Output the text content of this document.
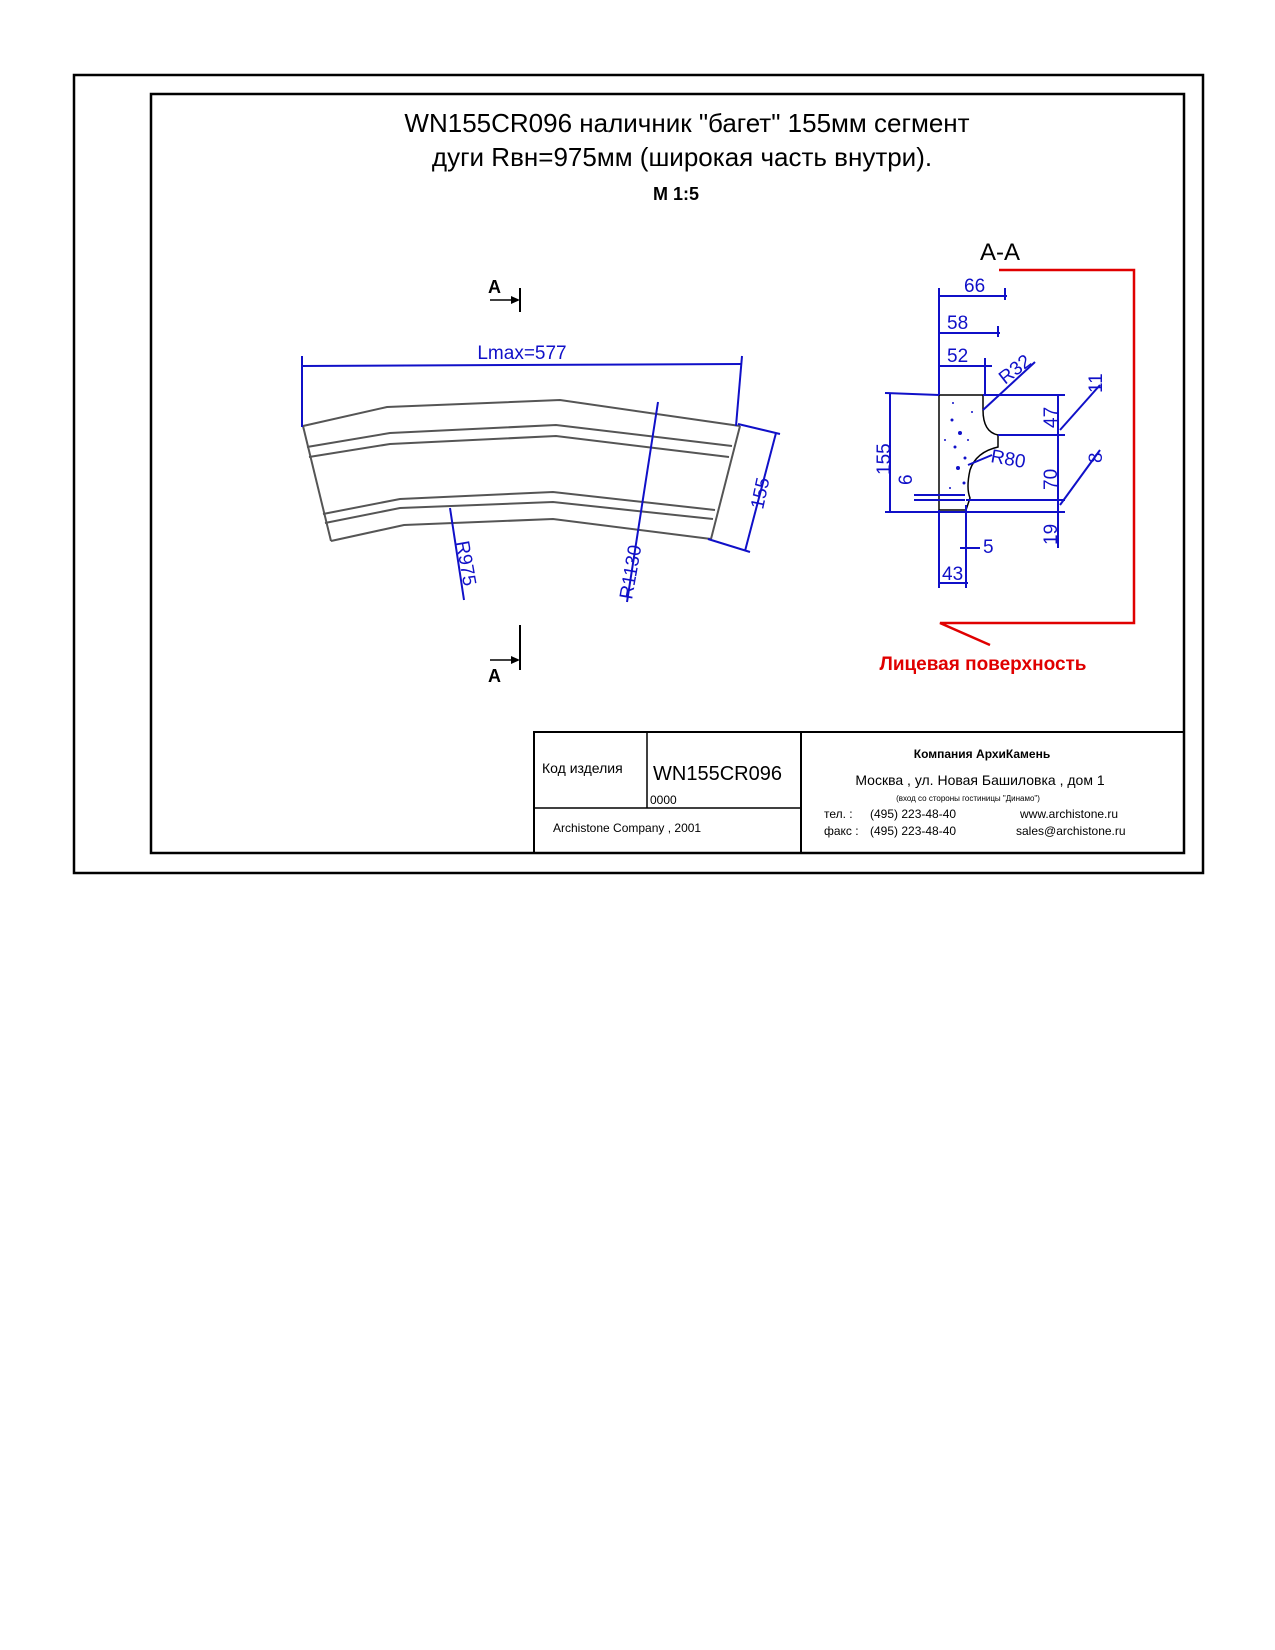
WN155CR096 наличник "багет" 155мм сегмент
дуги Rвн=975мм (широкая часть внутри).
М 1:5
А
А
Lmax=577
155
R975	R1130
А-А
Лицевая поверхность
66
58
52 R32
155
6
47
11
70
8
19
R80
5
43
Код изделия WN155CR096
0000
Archistone Company , 2001
Компания АрхиКамень
Москва , ул. Новая Башиловка , дом 1
(вход со стороны гостиницы "Динамо")
тел. : (495) 223-48-40
факс : (495) 223-48-40
www.archistone.ru
sales@archistone.ru
